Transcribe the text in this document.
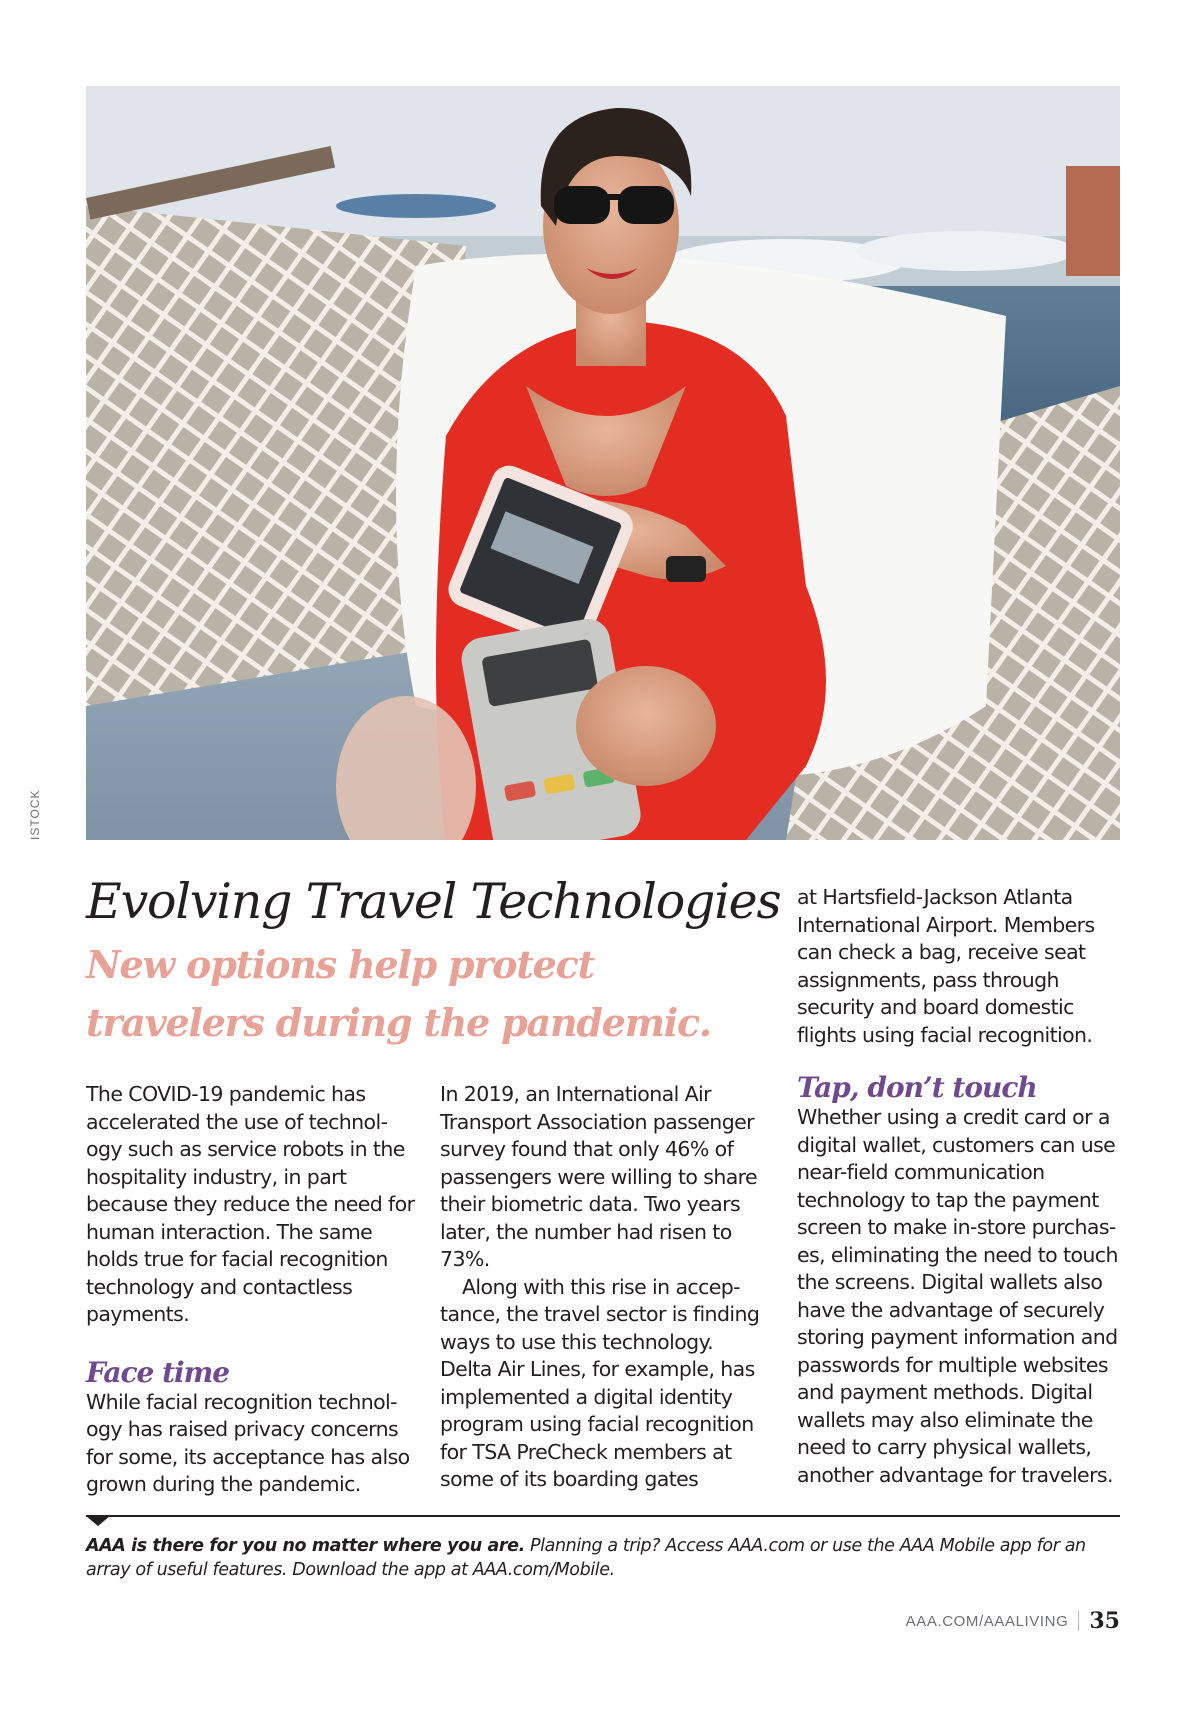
ISTOCK
Evolving Travel Technologies
New options help protect travelers during the pandemic.

The COVID-19 pandemic has accelerated the use of technol- ogy such as service robots in the hospitality industry, in part because they reduce the need for human interaction. The same holds true for facial recognition technology and contactless payments.

Face time

While facial recognition technol- ogy has raised privacy concerns for some, its acceptance has also grown during the pandemic.

In 2019, an International Air Transport Association passenger survey found that only 46% of passengers were willing to share their biometric data. Two years later, the number had risen to 73%.

Along with this rise in accep- tance, the travel sector is finding ways to use this technology. Delta Air Lines, for example, has implemented a digital identity program using facial recognition for TSA PreCheck members at some of its boarding gates

at Hartsfield-Jackson Atlanta International Airport. Members can check a bag, receive seat assignments, pass through security and board domestic flights using facial recognition.

Tap, don’t touch

Whether using a credit card or a digital wallet, customers can use near-field communication technology to tap the payment screen to make in-store purchas- es, eliminating the need to touch the screens. Digital wallets also have the advantage of securely storing payment information and passwords for multiple websites and payment methods. Digital wallets may also eliminate the need to carry physical wallets, another advantage for travelers.

AAA is there for you no matter where you are. Planning a trip? Access AAA.com or use the AAA Mobile app for an array of useful features. Download the app at AAA.com/Mobile.

AAA.COM/AAALIVING 35
